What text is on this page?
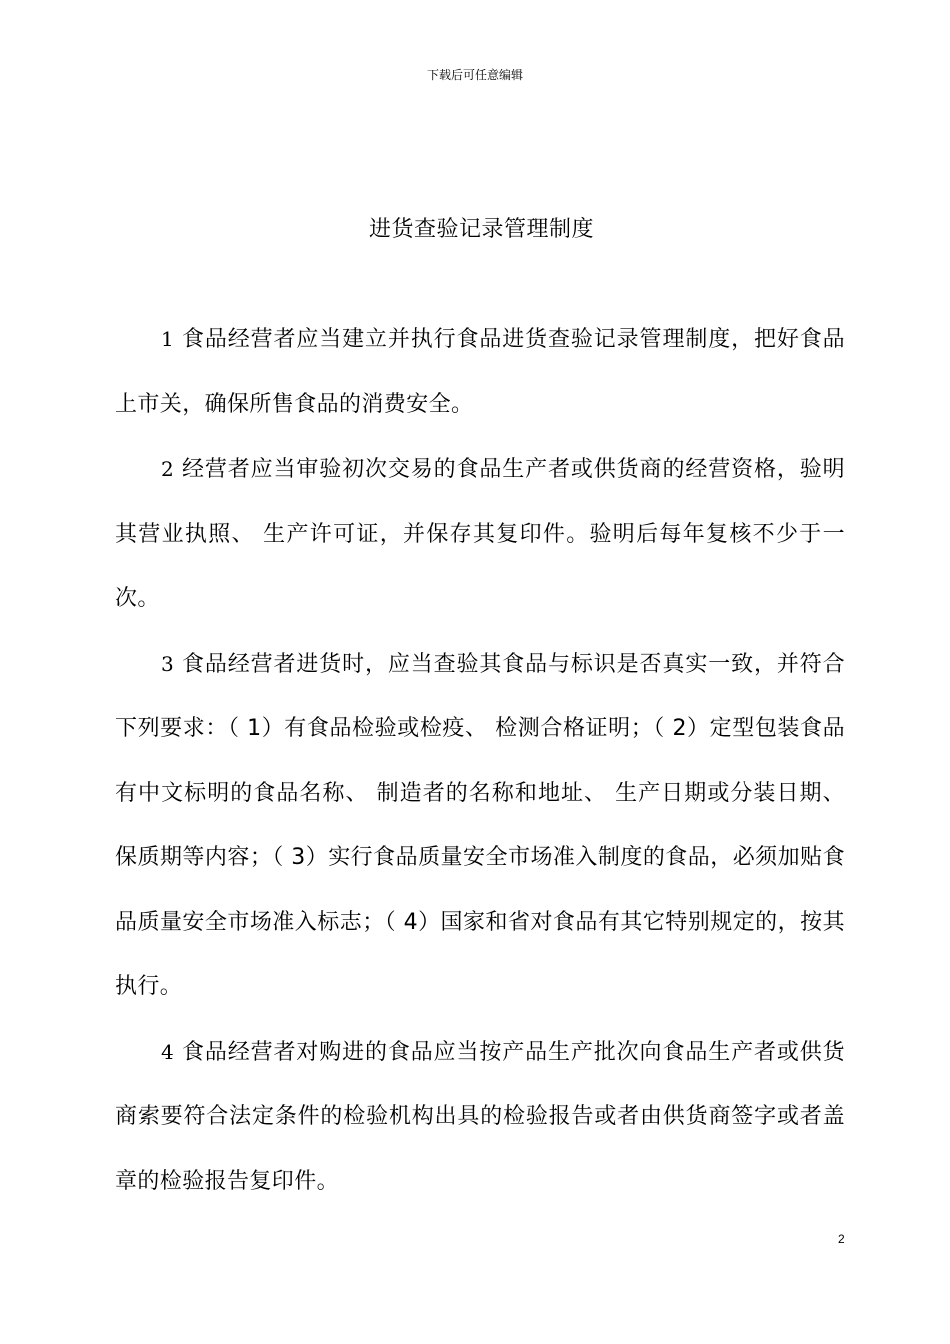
下载后可任意编辑
进货查验记录管理制度

1 食品经营者应当建立并执行食品进货查验记录管理制度，把好食品上市关，确保所售食品的消费安全。

2 经营者应当审验初次交易的食品生产者或供货商的经营资格，验明其营业执照、 生产许可证，并保存其复印件。验明后每年复核不少于一次。

3 食品经营者进货时，应当查验其食品与标识是否真实一致，并符合下列要求：（ 1）有食品检验或检疫、 检测合格证明；（ 2）定型包装食品有中文标明的食品名称、 制造者的名称和地址、 生产日期或分装日期、 保质期等内容；（ 3）实行食品质量安全市场准入制度的食品，必须加贴食品质量安全市场准入标志；（ 4）国家和省对食品有其它特别规定的，按其执行。

4 食品经营者对购进的食品应当按产品生产批次向食品生产者或供货商索要符合法定条件的检验机构出具的检验报告或者由供货商签字或者盖章的检验报告复印件。

2
